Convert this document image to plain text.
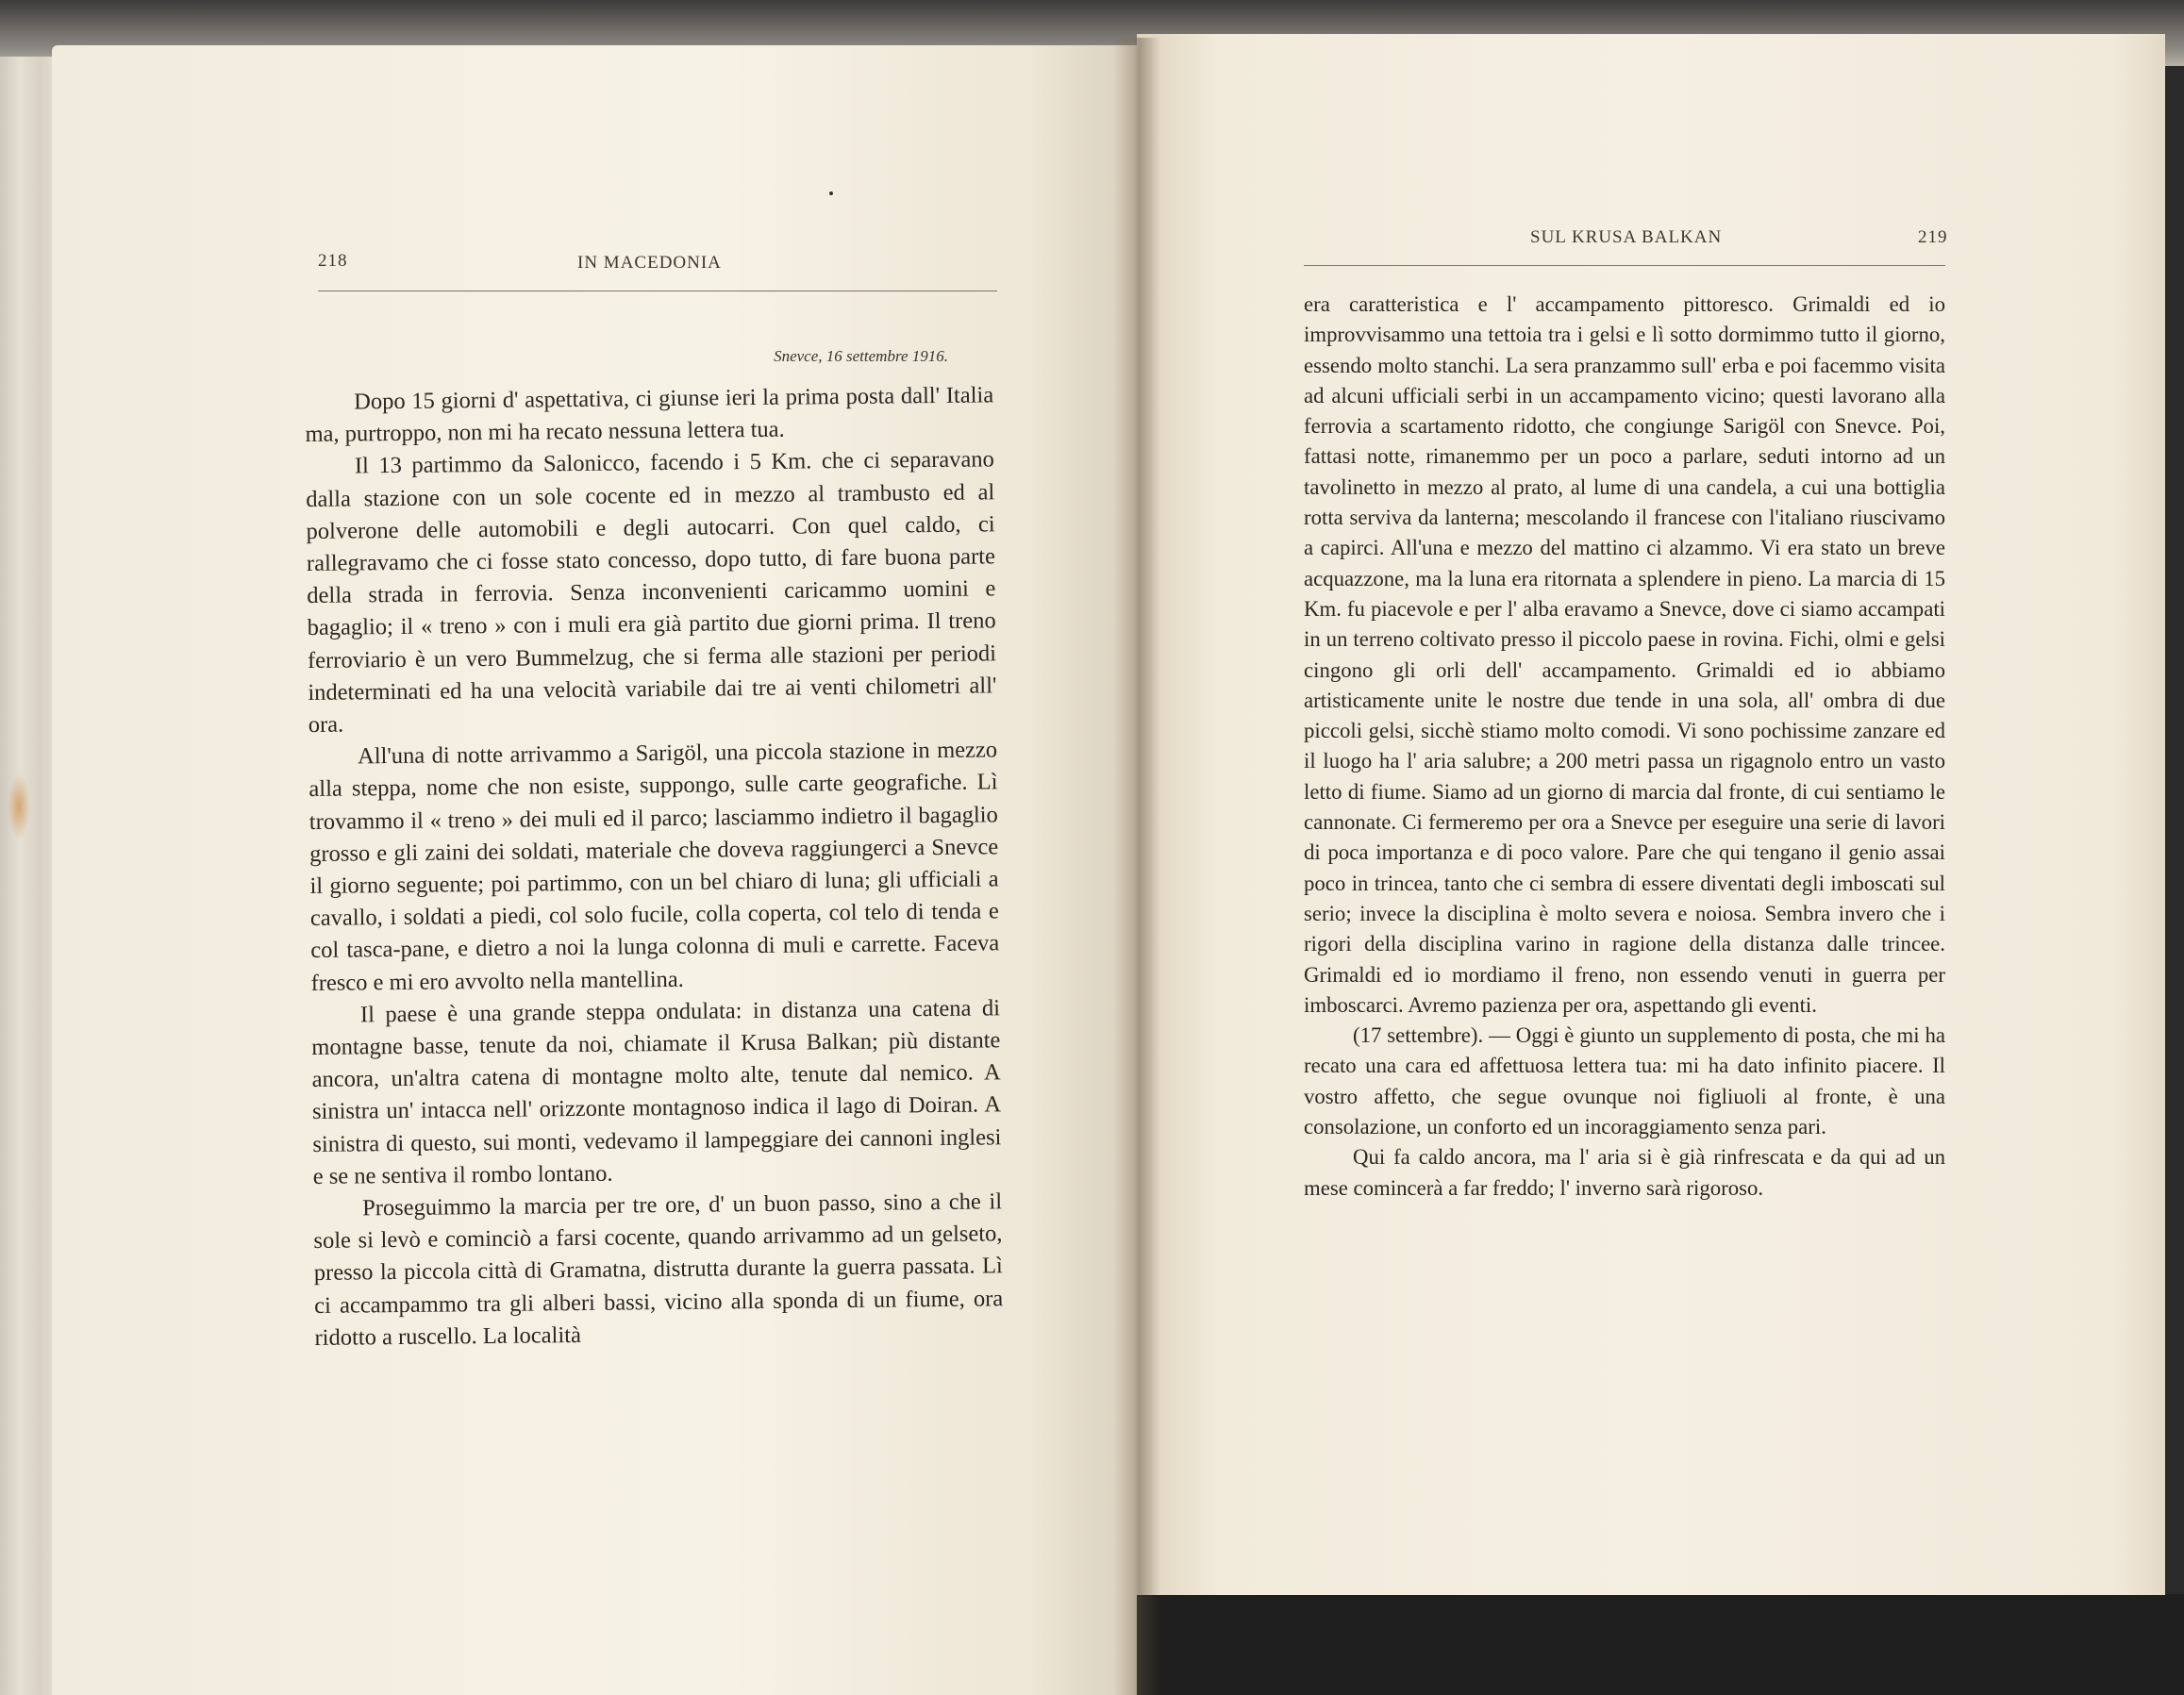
218	IN MACEDONIA
Snevce, 16 settembre 1916.

Dopo 15 giorni d' aspettativa, ci giunse ieri la prima posta dall' Italia ma, purtroppo, non mi ha recato nessuna lettera tua.

Il 13 partimmo da Salonicco, facendo i 5 Km. che ci separavano dalla stazione con un sole cocente ed in mezzo al trambusto ed al polverone delle automobili e degli autocarri. Con quel caldo, ci rallegravamo che ci fosse stato concesso, dopo tutto, di fare buona parte della strada in ferrovia. Senza inconvenienti caricammo uomini e bagaglio; il « treno » con i muli era già partito due giorni prima. Il treno ferroviario è un vero Bummelzug, che si ferma alle stazioni per periodi indeterminati ed ha una velocità variabile dai tre ai venti chilometri all' ora.

All'una di notte arrivammo a Sarigöl, una piccola stazione in mezzo alla steppa, nome che non esiste, suppongo, sulle carte geografiche. Lì trovammo il « treno » dei muli ed il parco; lasciammo indietro il bagaglio grosso e gli zaini dei soldati, materiale che doveva raggiungerci a Snevce il giorno seguente; poi partimmo, con un bel chiaro di luna; gli ufficiali a cavallo, i soldati a piedi, col solo fucile, colla coperta, col telo di tenda e col tasca-pane, e dietro a noi la lunga colonna di muli e carrette. Faceva fresco e mi ero avvolto nella mantellina.

Il paese è una grande steppa ondulata: in distanza una catena di montagne basse, tenute da noi, chiamate il Krusa Balkan; più distante ancora, un'altra catena di montagne molto alte, tenute dal nemico. A sinistra un' intacca nell' orizzonte montagnoso indica il lago di Doiran. A sinistra di questo, sui monti, vedevamo il lampeggiare dei cannoni inglesi e se ne sentiva il rombo lontano.

Proseguimmo la marcia per tre ore, d' un buon passo, sino a che il sole si levò e cominciò a farsi cocente, quando arrivammo ad un gelseto, presso la piccola città di Gramatna, distrutta durante la guerra passata. Lì ci accampammo tra gli alberi bassi, vicino alla sponda di un fiume, ora ridotto a ruscello. La località

SUL KRUSA BALKAN	219

era caratteristica e l' accampamento pittoresco. Grimaldi ed io improvvisammo una tettoia tra i gelsi e lì sotto dormimmo tutto il giorno, essendo molto stanchi. La sera pranzammo sull' erba e poi facemmo visita ad alcuni ufficiali serbi in un accampamento vicino; questi lavorano alla ferrovia a scartamento ridotto, che congiunge Sarigöl con Snevce. Poi, fattasi notte, rimanemmo per un poco a parlare, seduti intorno ad un tavolinetto in mezzo al prato, al lume di una candela, a cui una bottiglia rotta serviva da lanterna; mescolando il francese con l'italiano riuscivamo a capirci. All'una e mezzo del mattino ci alzammo. Vi era stato un breve acquazzone, ma la luna era ritornata a splendere in pieno. La marcia di 15 Km. fu piacevole e per l' alba eravamo a Snevce, dove ci siamo accampati in un terreno coltivato presso il piccolo paese in rovina. Fichi, olmi e gelsi cingono gli orli dell' accampamento. Grimaldi ed io abbiamo artisticamente unite le nostre due tende in una sola, all' ombra di due piccoli gelsi, sicchè stiamo molto comodi. Vi sono pochissime zanzare ed il luogo ha l' aria salubre; a 200 metri passa un rigagnolo entro un vasto letto di fiume. Siamo ad un giorno di marcia dal fronte, di cui sentiamo le cannonate. Ci fermeremo per ora a Snevce per eseguire una serie di lavori di poca importanza e di poco valore. Pare che qui tengano il genio assai poco in trincea, tanto che ci sembra di essere diventati degli imboscati sul serio; invece la disciplina è molto severa e noiosa. Sembra invero che i rigori della disciplina varino in ragione della distanza dalle trincee. Grimaldi ed io mordiamo il freno, non essendo venuti in guerra per imboscarci. Avremo pazienza per ora, aspettando gli eventi.

(17 settembre). — Oggi è giunto un supplemento di posta, che mi ha recato una cara ed affettuosa lettera tua: mi ha dato infinito piacere. Il vostro affetto, che segue ovunque noi figliuoli al fronte, è una consolazione, un conforto ed un incoraggiamento senza pari.

Qui fa caldo ancora, ma l' aria si è già rinfrescata e da qui ad un mese comincerà a far freddo; l' inverno sarà rigoroso.
